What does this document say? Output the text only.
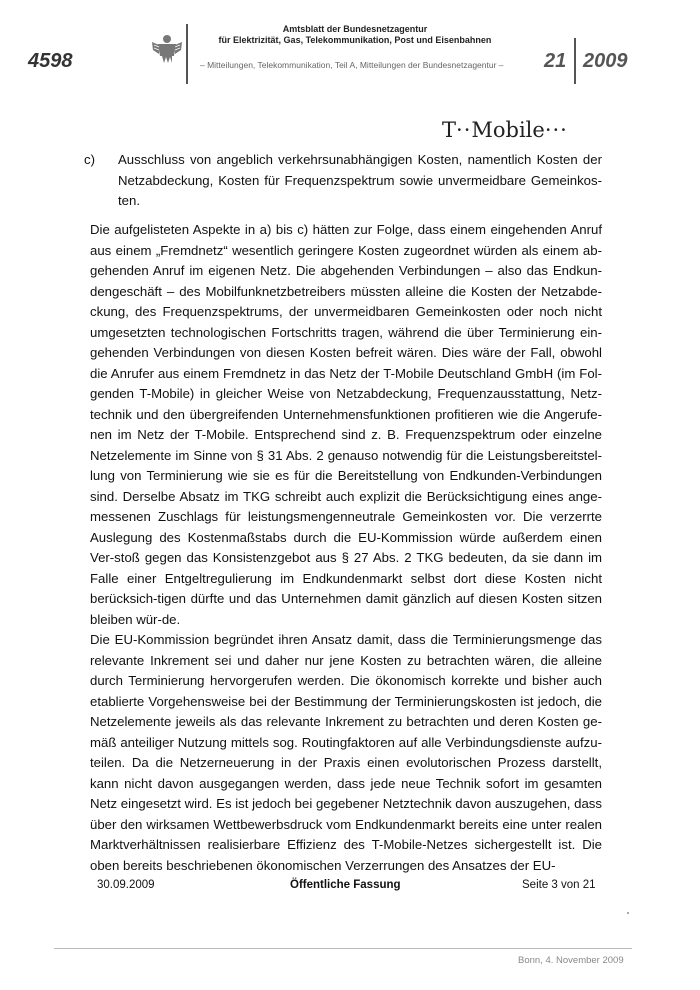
4598
Amtsblatt der Bundesnetzagentur
für Elektrizität, Gas, Telekommunikation, Post und Eisenbahnen
– Mitteilungen, Telekommunikation, Teil A, Mitteilungen der Bundesnetzagentur – 21 2009
T··Mobile···
c) Ausschluss von angeblich verkehrsunabhängigen Kosten, namentlich Kosten der Netzabdeckung, Kosten für Frequenzspektrum sowie unvermeidbare Gemeinkos-ten.
Die aufgelisteten Aspekte in a) bis c) hätten zur Folge, dass einem eingehenden Anruf aus einem „Fremdnetz“ wesentlich geringere Kosten zugeordnet würden als einem ab-gehenden Anruf im eigenen Netz. Die abgehenden Verbindungen – also das Endkun-dengeschäft – des Mobilfunknetzbetreibers müssten alleine die Kosten der Netzabde-ckung, des Frequenzspektrums, der unvermeidbaren Gemeinkosten oder noch nicht umgesetzten technologischen Fortschritts tragen, während die über Terminierung ein-gehenden Verbindungen von diesen Kosten befreit wären. Dies wäre der Fall, obwohl die Anrufer aus einem Fremdnetz in das Netz der T-Mobile Deutschland GmbH (im Fol-genden T-Mobile) in gleicher Weise von Netzabdeckung, Frequenzausstattung, Netz-technik und den übergreifenden Unternehmensfunktionen profitieren wie die Angerufe-nen im Netz der T-Mobile. Entsprechend sind z. B. Frequenzspektrum oder einzelne Netzelemente im Sinne von § 31 Abs. 2 genauso notwendig für die Leistungsbereitstel-lung von Terminierung wie sie es für die Bereitstellung von Endkunden-Verbindungen sind. Derselbe Absatz im TKG schreibt auch explizit die Berücksichtigung eines ange-messenen Zuschlags für leistungsmengenneutrale Gemeinkosten vor. Die verzerrte Auslegung des Kostenmaßstabs durch die EU-Kommission würde außerdem einen Ver-stoß gegen das Konsistenzgebot aus § 27 Abs. 2 TKG bedeuten, da sie dann im Falle einer Entgeltregulierung im Endkundenmarkt selbst dort diese Kosten nicht berücksich-tigen dürfte und das Unternehmen damit gänzlich auf diesen Kosten sitzen bleiben wür-de.
Die EU-Kommission begründet ihren Ansatz damit, dass die Terminierungsmenge das relevante Inkrement sei und daher nur jene Kosten zu betrachten wären, die alleine durch Terminierung hervorgerufen werden. Die ökonomisch korrekte und bisher auch etablierte Vorgehensweise bei der Bestimmung der Terminierungskosten ist jedoch, die Netzelemente jeweils als das relevante Inkrement zu betrachten und deren Kosten ge-mäß anteiliger Nutzung mittels sog. Routingfaktoren auf alle Verbindungsdienste aufzu-teilen. Da die Netzerneuerung in der Praxis einen evolutorischen Prozess darstellt, kann nicht davon ausgegangen werden, dass jede neue Technik sofort im gesamten Netz eingesetzt wird. Es ist jedoch bei gegebener Netztechnik davon auszugehen, dass über den wirksamen Wettbewerbsdruck vom Endkundenmarkt bereits eine unter realen Marktverhältnissen realisierbare Effizienz des T-Mobile-Netzes sichergestellt ist. Die oben bereits beschriebenen ökonomischen Verzerrungen des Ansatzes der EU-
30.09.2009	Öffentliche Fassung	Seite 3 von 21
Bonn, 4. November 2009
